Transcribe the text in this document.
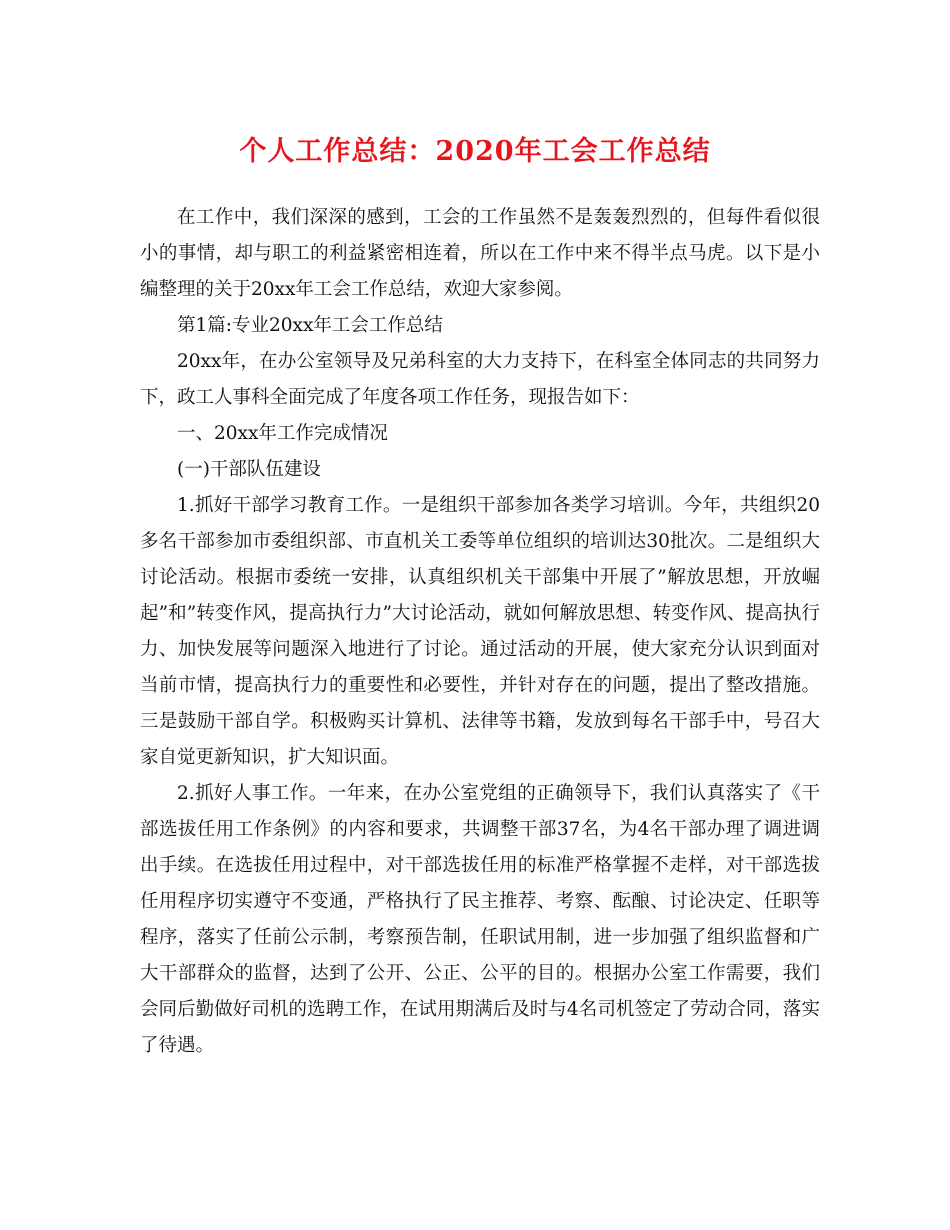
个人工作总结：2020年工会工作总结

在工作中，我们深深的感到，工会的工作虽然不是轰轰烈烈的，但每件看似很小的事情，却与职工的利益紧密相连着，所以在工作中来不得半点马虎。以下是小编整理的关于20xx年工会工作总结，欢迎大家参阅。

第1篇:专业20xx年工会工作总结

20xx年，在办公室领导及兄弟科室的大力支持下，在科室全体同志的共同努力下，政工人事科全面完成了年度各项工作任务，现报告如下：

一、20xx年工作完成情况

(一)干部队伍建设

1.抓好干部学习教育工作。一是组织干部参加各类学习培训。今年，共组织20多名干部参加市委组织部、市直机关工委等单位组织的培训达30批次。二是组织大讨论活动。根据市委统一安排，认真组织机关干部集中开展了”解放思想，开放崛起”和”转变作风，提高执行力”大讨论活动，就如何解放思想、转变作风、提高执行力、加快发展等问题深入地进行了讨论。通过活动的开展，使大家充分认识到面对当前市情，提高执行力的重要性和必要性，并针对存在的问题，提出了整改措施。三是鼓励干部自学。积极购买计算机、法律等书籍，发放到每名干部手中，号召大家自觉更新知识，扩大知识面。

2.抓好人事工作。一年来，在办公室党组的正确领导下，我们认真落实了《干部选拔任用工作条例》的内容和要求，共调整干部37名，为4名干部办理了调进调出手续。在选拔任用过程中，对干部选拔任用的标准严格掌握不走样，对干部选拔任用程序切实遵守不变通，严格执行了民主推荐、考察、酝酿、讨论决定、任职等程序，落实了任前公示制，考察预告制，任职试用制，进一步加强了组织监督和广大干部群众的监督，达到了公开、公正、公平的目的。根据办公室工作需要，我们会同后勤做好司机的选聘工作，在试用期满后及时与4名司机签定了劳动合同，落实了待遇。
